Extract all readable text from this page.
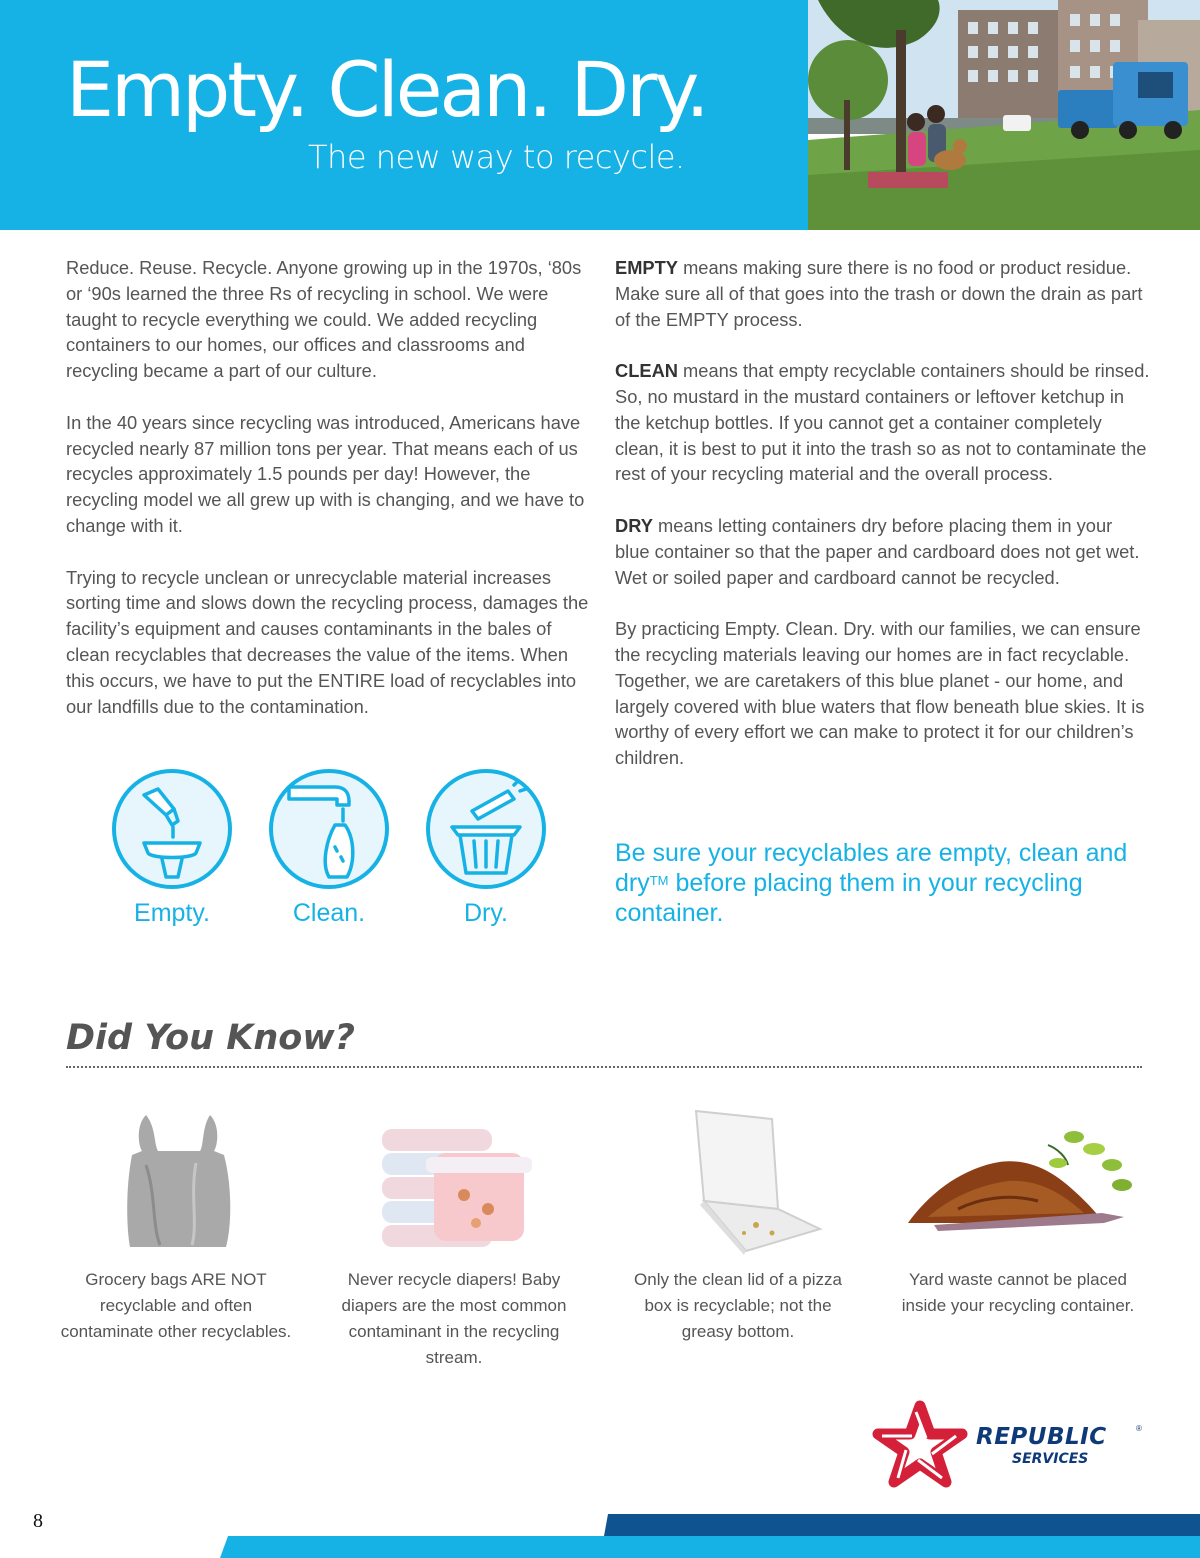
Empty. Clean. Dry.
The new way to recycle.

Reduce. Reuse. Recycle. Anyone growing up in the 1970s, ‘80s or ‘90s learned the three Rs of recycling in school. We were taught to recycle everything we could. We added recycling containers to our homes, our offices and classrooms and recycling became a part of our culture.

In the 40 years since recycling was introduced, Americans have recycled nearly 87 million tons per year. That means each of us recycles approximately 1.5 pounds per day! However, the recycling model we all grew up with is changing, and we have to change with it.

Trying to recycle unclean or unrecyclable material increases sorting time and slows down the recycling process, damages the facility’s equipment and causes contaminants in the bales of clean recyclables that decreases the value of the items. When this occurs, we have to put the ENTIRE load of recyclables into our landfills due to the contamination.

EMPTY means making sure there is no food or product residue. Make sure all of that goes into the trash or down the drain as part of the EMPTY process.

CLEAN means that empty recyclable containers should be rinsed. So, no mustard in the mustard containers or leftover ketchup in the ketchup bottles. If you cannot get a container completely clean, it is best to put it into the trash so as not to contaminate the rest of your recycling material and the overall process.

DRY means letting containers dry before placing them in your blue container so that the paper and cardboard does not get wet. Wet or soiled paper and cardboard cannot be recycled.

By practicing Empty. Clean. Dry. with our families, we can ensure the recycling materials leaving our homes are in fact recyclable. Together, we are caretakers of this blue planet - our home, and largely covered with blue waters that flow beneath blue skies. It is worthy of every effort we can make to protect it for our children’s children.

Empty.	Clean.	Dry.
Be sure your recyclables are empty, clean and dry™ before placing them in your recycling container.
Did You Know?
Grocery bags ARE NOT recyclable and often contaminate other recyclables.
Never recycle diapers! Baby diapers are the most common contaminant in the recycling stream.
Only the clean lid of a pizza box is recyclable; not the greasy bottom.
Yard waste cannot be placed inside your recycling container.
REPUBLIC	®
SERVICES
8
